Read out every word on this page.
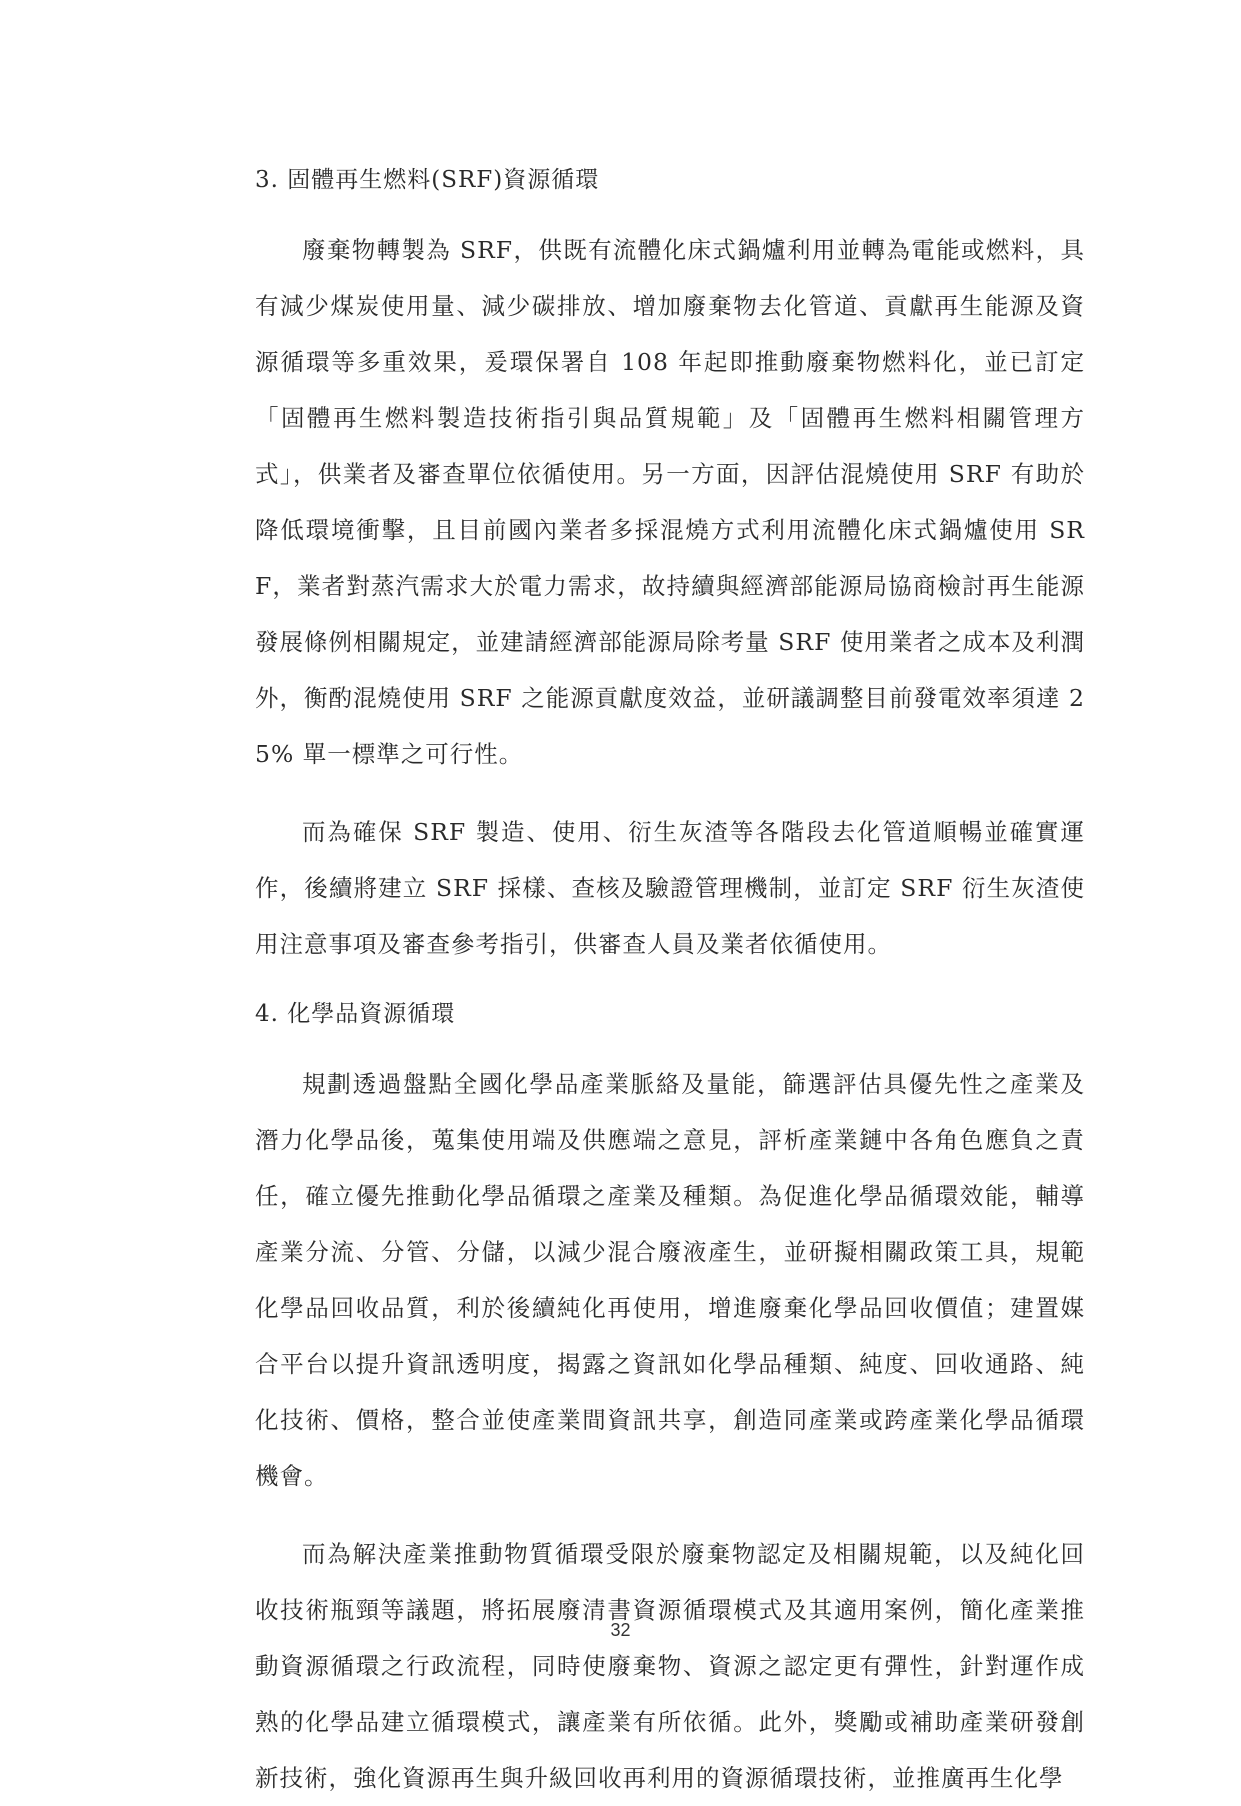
3. 固體再生燃料(SRF)資源循環

廢棄物轉製為 SRF，供既有流體化床式鍋爐利用並轉為電能或燃料，具有減少煤炭使用量、減少碳排放、增加廢棄物去化管道、貢獻再生能源及資源循環等多重效果，爰環保署自 108 年起即推動廢棄物燃料化，並已訂定「固體再生燃料製造技術指引與品質規範」及「固體再生燃料相關管理方式」，供業者及審查單位依循使用。另一方面，因評估混燒使用 SRF 有助於降低環境衝擊，且目前國內業者多採混燒方式利用流體化床式鍋爐使用 SRF，業者對蒸汽需求大於電力需求，故持續與經濟部能源局協商檢討再生能源發展條例相關規定，並建請經濟部能源局除考量 SRF 使用業者之成本及利潤外，衡酌混燒使用 SRF 之能源貢獻度效益，並研議調整目前發電效率須達 25% 單一標準之可行性。

而為確保 SRF 製造、使用、衍生灰渣等各階段去化管道順暢並確實運作，後續將建立 SRF 採樣、查核及驗證管理機制，並訂定 SRF 衍生灰渣使用注意事項及審查參考指引，供審查人員及業者依循使用。

4. 化學品資源循環

規劃透過盤點全國化學品產業脈絡及量能，篩選評估具優先性之產業及潛力化學品後，蒐集使用端及供應端之意見，評析產業鏈中各角色應負之責任，確立優先推動化學品循環之產業及種類。為促進化學品循環效能，輔導產業分流、分管、分儲，以減少混合廢液產生，並研擬相關政策工具，規範化學品回收品質，利於後續純化再使用，增進廢棄化學品回收價值；建置媒合平台以提升資訊透明度，揭露之資訊如化學品種類、純度、回收通路、純化技術、價格，整合並使產業間資訊共享，創造同產業或跨產業化學品循環機會。

而為解決產業推動物質循環受限於廢棄物認定及相關規範，以及純化回收技術瓶頸等議題，將拓展廢清書資源循環模式及其適用案例，簡化產業推動資源循環之行政流程，同時使廢棄物、資源之認定更有彈性，針對運作成熟的化學品建立循環模式，讓產業有所依循。此外，獎勵或補助產業研發創新技術，強化資源再生與升級回收再利用的資源循環技術，並推廣再生化學

32
